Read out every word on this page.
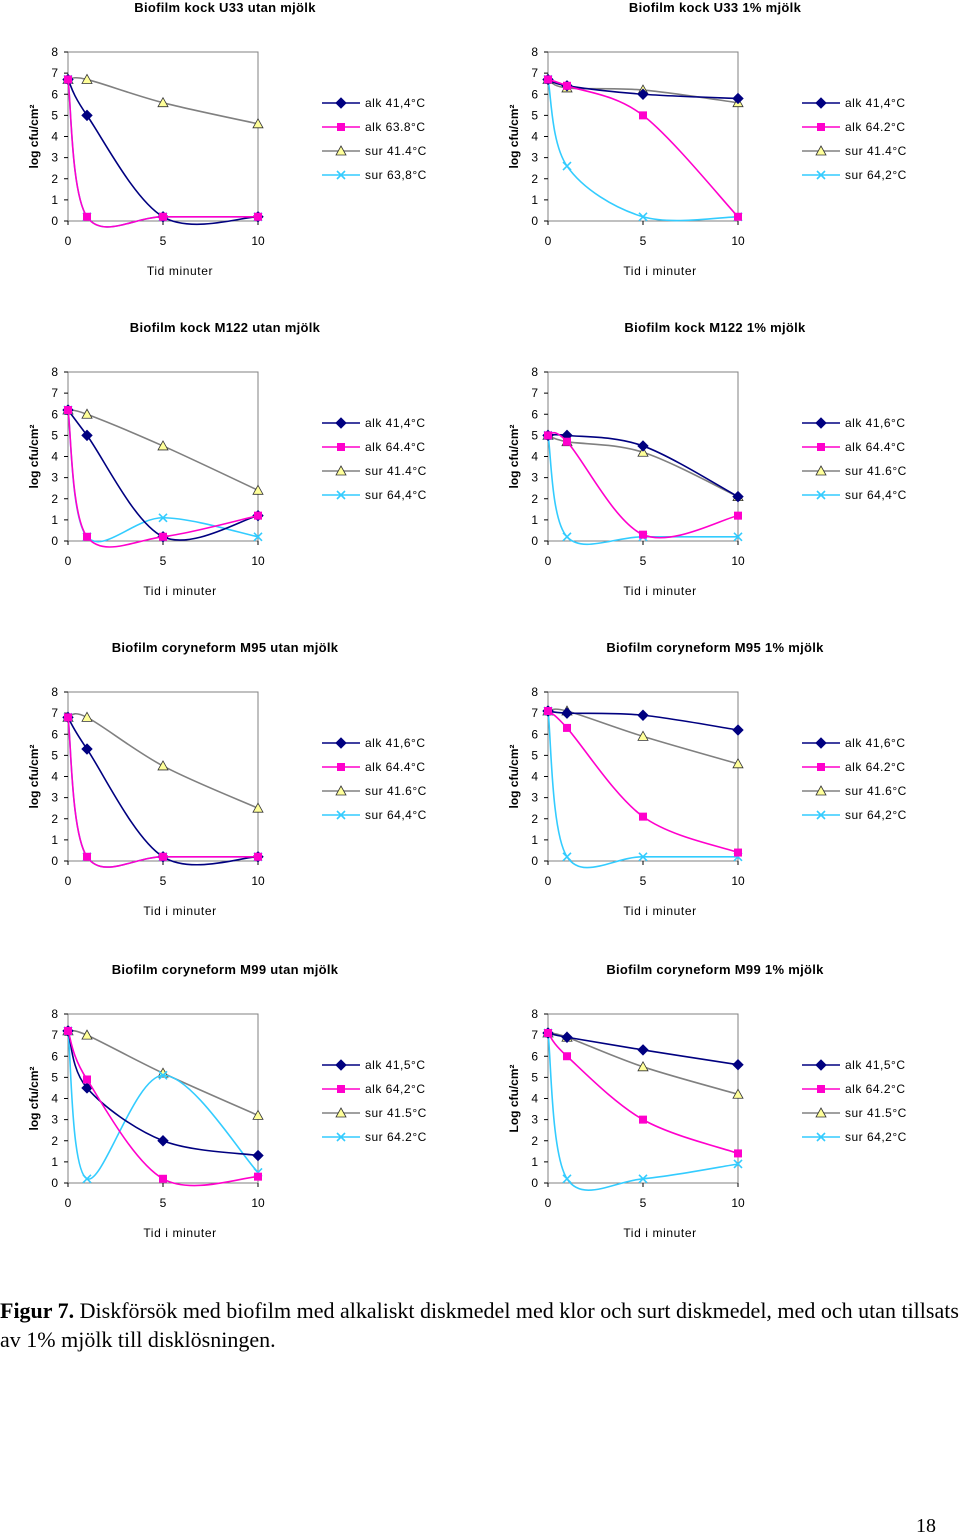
Biofilm kock U33 utan mjölk
0
1
2
3
4
5
6
7
8
0	5	10
Tid minuter
log cfu/cm²
alk 41,4°C
alk 63.8°C
sur 41.4°C
sur 63,8°C
Biofilm kock U33 1% mjölk
0
1
2
3
4
5
6
7
8
0	5	10
Tid i minuter
log cfu/cm²
alk 41,4°C
alk 64.2°C
sur 41.4°C
sur 64,2°C
Biofilm kock M122 utan mjölk
0
1
2
3
4
5
6
7
8
0	5	10
Tid i minuter
log cfu/cm²
alk 41,4°C
alk 64.4°C
sur 41.4°C
sur 64,4°C
Biofilm kock M122 1% mjölk
0
1
2
3
4
5
6
7
8
0	5	10
Tid i minuter
log cfu/cm²
alk 41,6°C
alk 64.4°C
sur 41.6°C
sur 64,4°C
Biofilm coryneform M95 utan mjölk
0
1
2
3
4
5
6
7
8
0	5	10
Tid i minuter
log cfu/cm²
alk 41,6°C
alk 64.4°C
sur 41.6°C
sur 64,4°C
Biofilm coryneform M95 1% mjölk
0
1
2
3
4
5
6
7
8
0	5	10
Tid i minuter
log cfu/cm²
alk 41,6°C
alk 64.2°C
sur 41.6°C
sur 64,2°C
Biofilm coryneform M99 utan mjölk
0
1
2
3
4
5
6
7
8
0	5	10
Tid i minuter
log cfu/cm²
alk 41,5°C
alk 64,2°C
sur 41.5°C
sur 64.2°C
Biofilm coryneform M99 1% mjölk
0
1
2
3
4
5
6
7
8
0	5	10
Tid i minuter
Log cfu/cm²	alk 41,5°C
alk 64.2°C
sur 41.5°C
sur 64,2°C
Figur 7. Diskförsök med biofilm med alkaliskt diskmedel med klor och surt diskmedel, med och utan tillsats av 1% mjölk till disklösningen.
18
